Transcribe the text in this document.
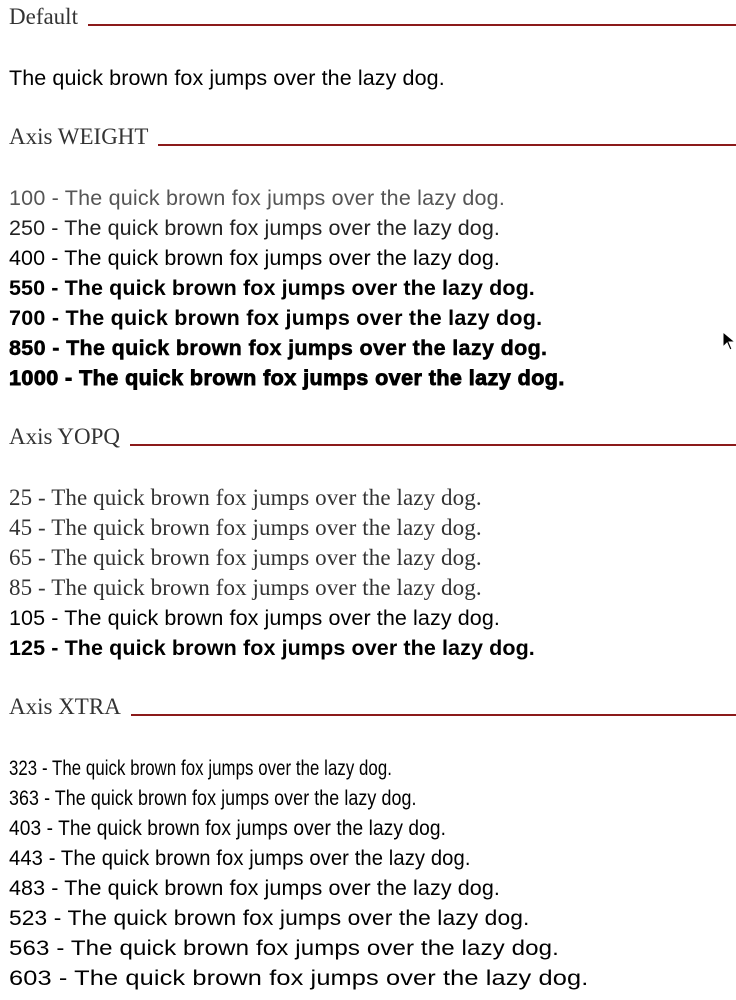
Default
The quick brown fox jumps over the lazy dog.
Axis WEIGHT
100 - The quick brown fox jumps over the lazy dog.
250 - The quick brown fox jumps over the lazy dog.
400 - The quick brown fox jumps over the lazy dog.
550 - The quick brown fox jumps over the lazy dog.
700 - The quick brown fox jumps over the lazy dog.
850 - The quick brown fox jumps over the lazy dog.
1000 - The quick brown fox jumps over the lazy dog.
Axis YOPQ
25 - The quick brown fox jumps over the lazy dog.
45 - The quick brown fox jumps over the lazy dog.
65 - The quick brown fox jumps over the lazy dog.
85 - The quick brown fox jumps over the lazy dog.
105 - The quick brown fox jumps over the lazy dog.
125 - The quick brown fox jumps over the lazy dog.
Axis XTRA
323 - The quick brown fox jumps over the lazy dog.
363 - The quick brown fox jumps over the lazy dog.
403 - The quick brown fox jumps over the lazy dog.
443 - The quick brown fox jumps over the lazy dog.
483 - The quick brown fox jumps over the lazy dog.
523 - The quick brown fox jumps over the lazy dog.
563 - The quick brown fox jumps over the lazy dog.
603 - The quick brown fox jumps over the lazy dog.
